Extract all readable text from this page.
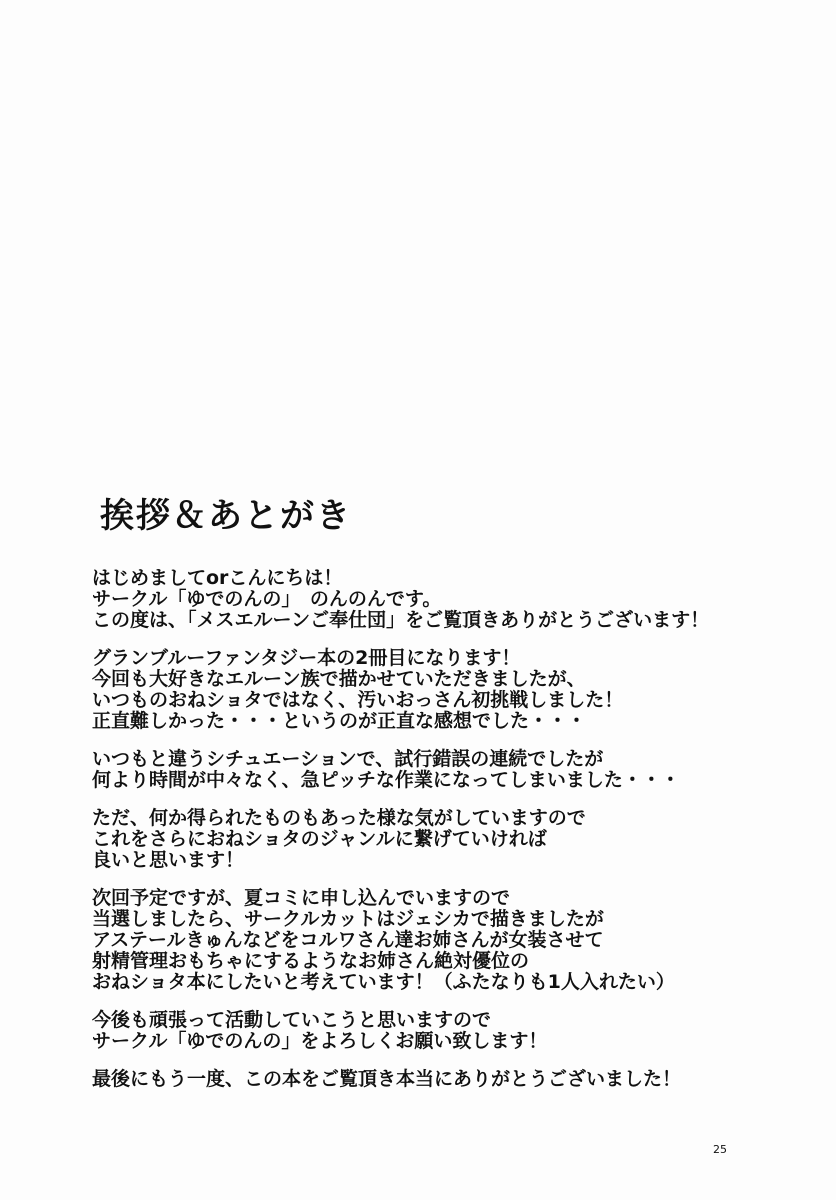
挨拶＆あとがき

はじめましてorこんにちは！
サークル「ゆでのんの」　のんのんです。
この度は、「メスエルーンご奉仕団」をご覧頂きありがとうございます！

グランブルーファンタジー本の2冊目になります！
今回も大好きなエルーン族で描かせていただきましたが、
いつものおねショタではなく、汚いおっさん初挑戦しました！
正直難しかった・・・というのが正直な感想でした・・・

いつもと違うシチュエーションで、試行錯誤の連続でしたが
何より時間が中々なく、急ピッチな作業になってしまいました・・・

ただ、何か得られたものもあった様な気がしていますので
これをさらにおねショタのジャンルに繋げていければ
良いと思います！

次回予定ですが、夏コミに申し込んでいますので
当選しましたら、サークルカットはジェシカで描きましたが
アステールきゅんなどをコルワさん達お姉さんが女装させて
射精管理おもちゃにするようなお姉さん絶対優位の
おねショタ本にしたいと考えています！（ふたなりも1人入れたい）

今後も頑張って活動していこうと思いますので
サークル「ゆでのんの」をよろしくお願い致します！

最後にもう一度、この本をご覧頂き本当にありがとうございました！

25
